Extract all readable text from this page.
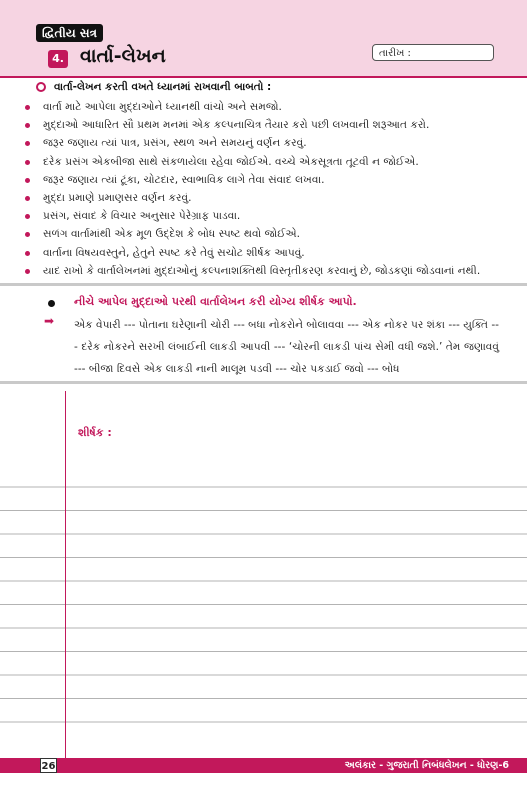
દ્વિતીય સત્ર
4. વાર્તા-લેખન	તારીખ :
વાર્તા-લેખન કરતી વખતે ધ્યાનમાં રાખવાની બાબતો :
વાર્તા માટે આપેલા મુદ્દાઓને ધ્યાનથી વાંચો અને સમજો.
મુદ્દાઓ આધારિત સૌ પ્રથમ મનમાં એક કલ્પનાચિત્ર તૈયાર કરો પછી લખવાની શરૂઆત કરો.
જરૂર જણાય ત્યાં પાત્ર, પ્રસંગ, સ્થળ અને સમયનું વર્ણન કરવું.
દરેક પ્રસંગ એકબીજા સાથે સંકળાયેલા રહેવા જોઈએ. વચ્ચે એકસૂત્રતા તૂટવી ન જોઈએ.
જરૂર જણાય ત્યાં ટૂંકા, ચોટદાર, સ્વાભાવિક લાગે તેવા સંવાદ લખવા.
મુદ્દા પ્રમાણે પ્રમાણસર વર્ણન કરવું.
પ્રસંગ, સંવાદ કે વિચાર અનુસાર પેરેગ્રાફ પાડવા.
સળંગ વાર્તામાંથી એક મૂળ ઉદ્દેશ કે બોધ સ્પષ્ટ થવો જોઈએ.
વાર્તાના વિષયવસ્તુને, હેતુને સ્પષ્ટ કરે તેવું સચોટ શીર્ષક આપવું.
યાદ રાખો કે વાર્તાલેખનમાં મુદ્દાઓનું કલ્પનાશક્તિથી વિસ્તૃતીકરણ કરવાનું છે, જોડકણાં જોડવાનાં નથી.
નીચે આપેલ મુદ્દાઓ પરથી વાર્તાલેખન કરી યોગ્ય શીર્ષક આપો.
➡ એક વેપારી --- પોતાના ઘરેણાની ચોરી --- બધા નોકરોને બોલાવવા --- એક નોકર પર શંકા --- યુક્તિ --- દરેક નોકરને સરખી લંબાઈની લાકડી આપવી --- ‘ચોરની લાકડી પાંચ સેમી વધી જશે.’ તેમ જણાવવું --- બીજા દિવસે એક લાકડી નાની માલૂમ પડવી --- ચોર પકડાઈ જવો --- બોધ
શીર્ષક :
26	અલંકાર - ગુજરાતી નિબંધલેખન - ધોરણ-6
